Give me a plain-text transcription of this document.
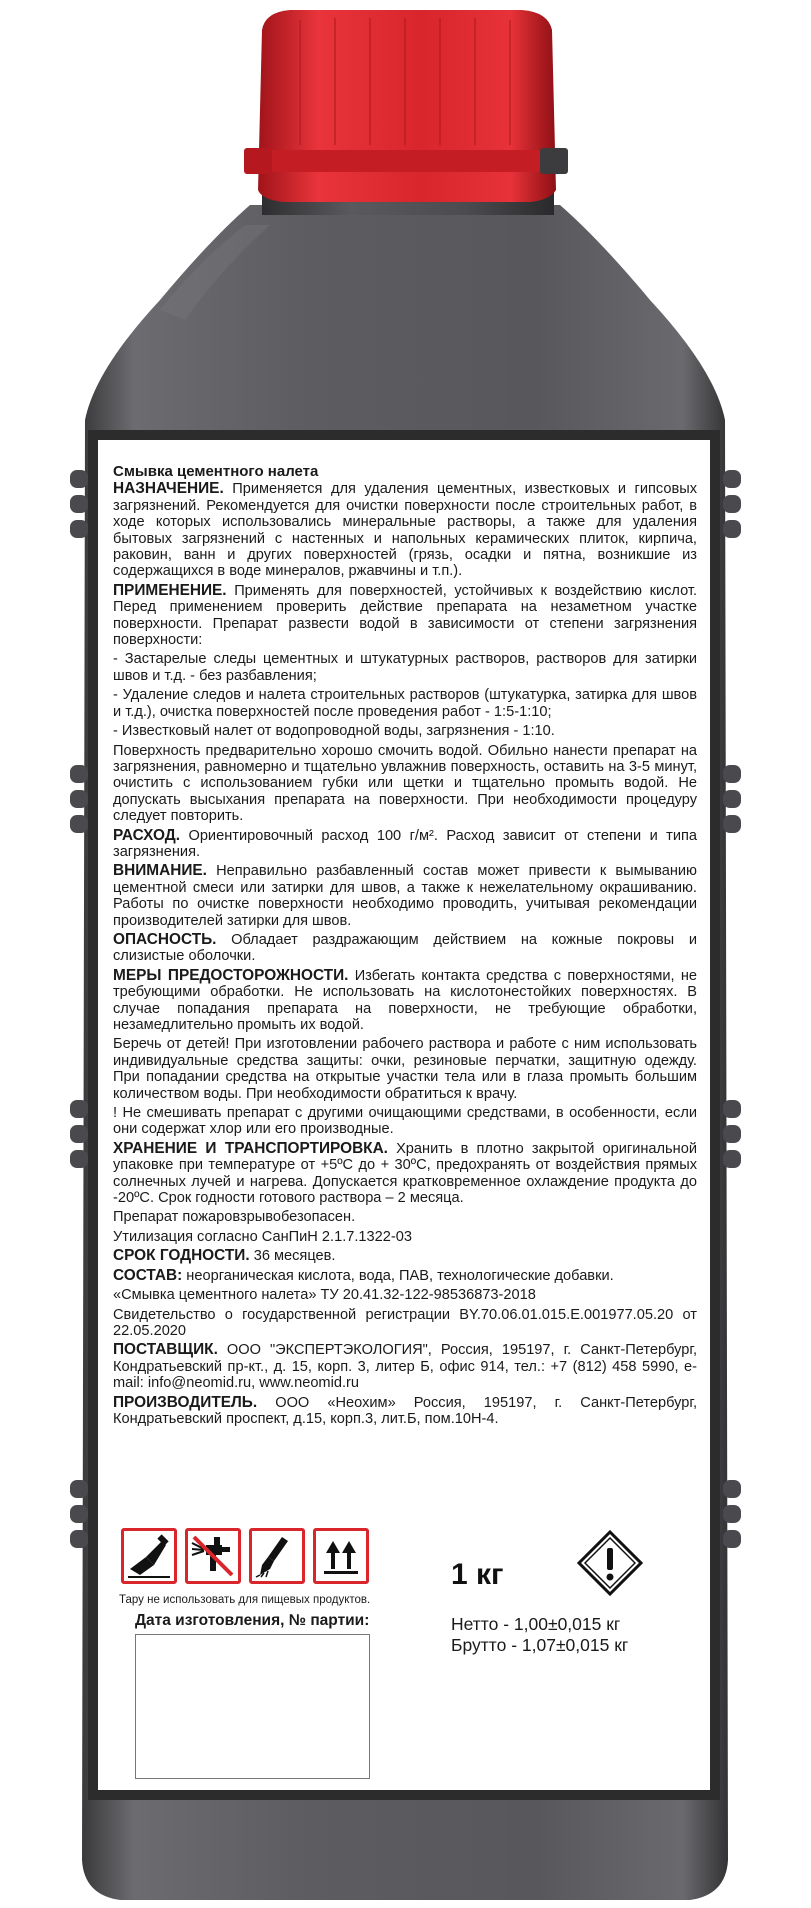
Смывка цементного налета

НАЗНАЧЕНИЕ. Применяется для удаления цементных, известковых и гипсовых загрязнений. Рекомендуется для очистки поверхности после строительных работ, в ходе которых использовались минеральные растворы, а также для удаления бытовых загрязнений с настенных и напольных керамических плиток, кирпича, раковин, ванн и других поверхностей (грязь, осадки и пятна, возникшие из содержащихся в воде минералов, ржавчины и т.п.).

ПРИМЕНЕНИЕ. Применять для поверхностей, устойчивых к воздействию кислот. Перед применением проверить действие препарата на незаметном участке поверхности. Препарат развести водой в зависимости от степени загрязнения поверхности:

- Застарелые следы цементных и штукатурных растворов, растворов для затирки швов и т.д. - без разбавления;

- Удаление следов и налета строительных растворов (штукатурка, затирка для швов и т.д.), очистка поверхностей после проведения работ - 1:5-1:10;

- Известковый налет от водопроводной воды, загрязнения - 1:10.

Поверхность предварительно хорошо смочить водой. Обильно нанести препарат на загрязнения, равномерно и тщательно увлажнив поверхность, оставить на 3-5 минут, очистить с использованием губки или щетки и тщательно промыть водой. Не допускать высыхания препарата на поверхности. При необходимости процедуру следует повторить.

РАСХОД. Ориентировочный расход 100 г/м². Расход зависит от степени и типа загрязнения.

ВНИМАНИЕ. Неправильно разбавленный состав может привести к вымыванию цементной смеси или затирки для швов, а также к нежелательному окрашиванию. Работы по очистке поверхности необходимо проводить, учитывая рекомендации производителей затирки для швов.

ОПАСНОСТЬ. Обладает раздражающим действием на кожные покровы и слизистые оболочки.

МЕРЫ ПРЕДОСТОРОЖНОСТИ. Избегать контакта средства с поверхностями, не требующими обработки. Не использовать на кислотонестойких поверхностях. В случае попадания препарата на поверхности, не требующие обработки, незамедлительно промыть их водой.

Беречь от детей! При изготовлении рабочего раствора и работе с ним использовать индивидуальные средства защиты: очки, резиновые перчатки, защитную одежду. При попадании средства на открытые участки тела или в глаза промыть большим количеством воды. При необходимости обратиться к врачу.

! Не смешивать препарат с другими очищающими средствами, в особенности, если они содержат хлор или его производные.

ХРАНЕНИЕ И ТРАНСПОРТИРОВКА. Хранить в плотно закрытой оригинальной упаковке при температуре от +5ºС до + 30ºС, предохранять от воздействия прямых солнечных лучей и нагрева. Допускается кратковременное охлаждение продукта до -20ºС. Срок годности готового раствора – 2 месяца.

Препарат пожаровзрывобезопасен.

Утилизация согласно СанПиН 2.1.7.1322-03

СРОК ГОДНОСТИ. 36 месяцев.

СОСТАВ: неорганическая кислота, вода, ПАВ, технологические добавки.

«Смывка цементного налета» ТУ 20.41.32-122-98536873-2018

Свидетельство о государственной регистрации BY.70.06.01.015.Е.001977.05.20 от 22.05.2020

ПОСТАВЩИК. ООО "ЭКСПЕРТЭКОЛОГИЯ", Россия, 195197, г. Санкт-Петербург, Кондратьевский пр-кт., д. 15, корп. 3, литер Б, офис 914, тел.: +7 (812) 458 5990, e-mail: info@neomid.ru, www.neomid.ru

ПРОИЗВОДИТЕЛЬ. ООО «Неохим» Россия, 195197, г. Санкт-Петербург, Кондратьевский проспект, д.15, корп.3, лит.Б, пом.10Н-4.

Тару не использовать для пищевых продуктов.
Дата изготовления, № партии:
1 кг
Нетто - 1,00±0,015 кг
Брутто - 1,07±0,015 кг
